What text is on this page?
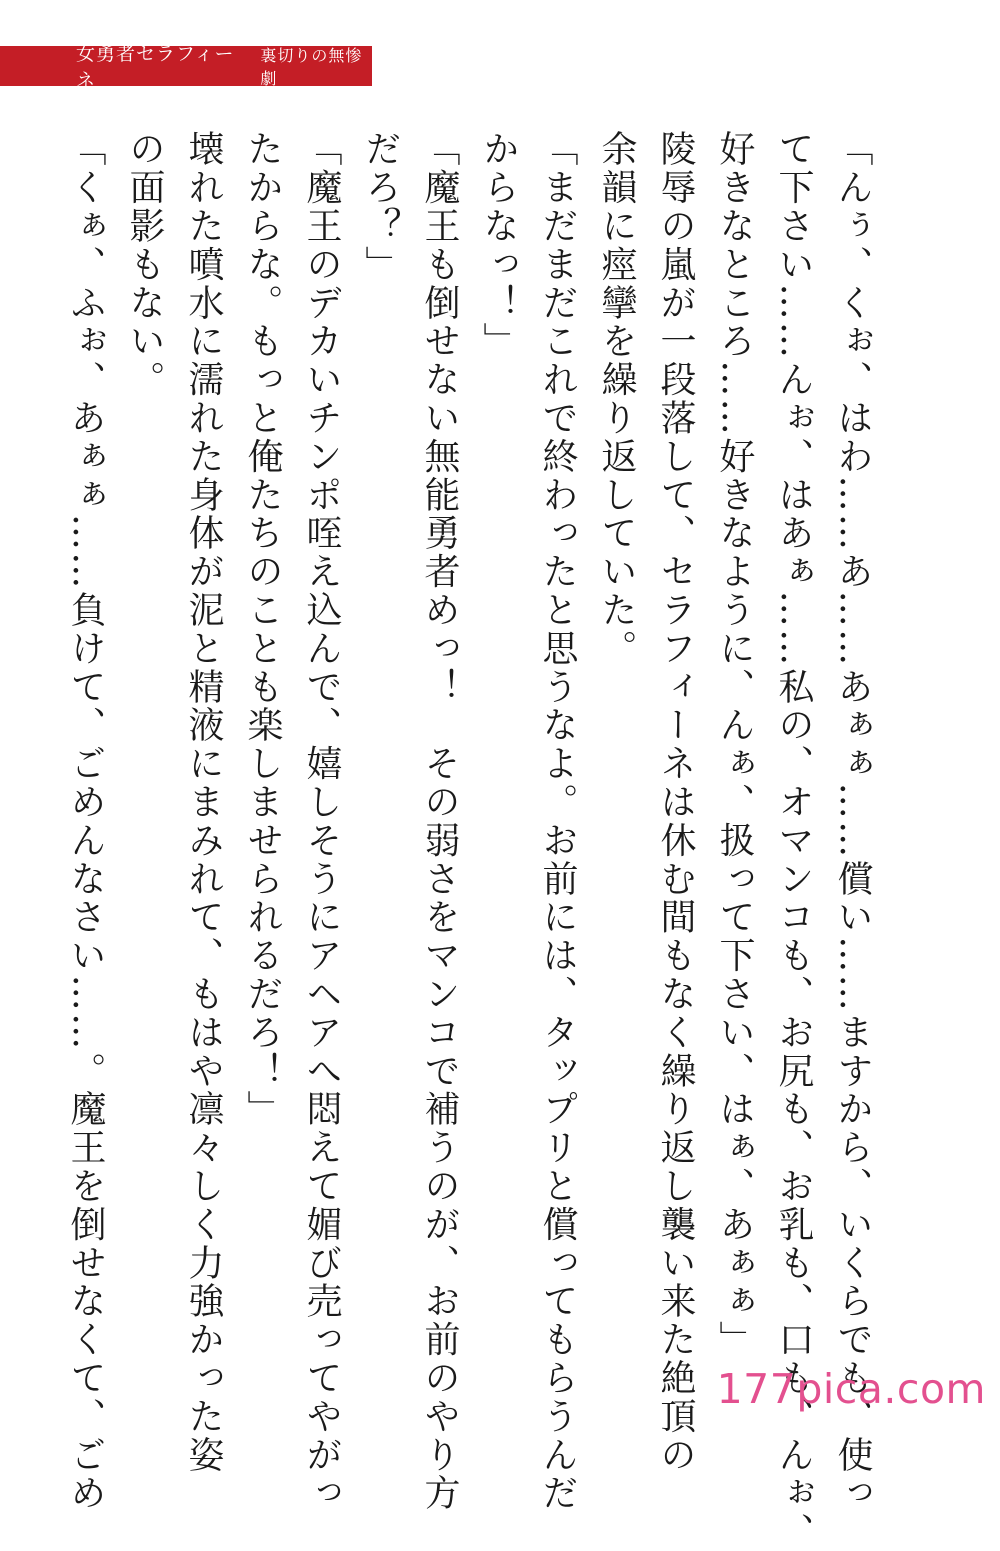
女勇者セラフィーネ
裏切りの無惨劇

「んぅ、くぉ、はわ……あ……あぁぁ……償い……ますから、いくらでも、使っ

て下さい……んぉ、はあぁ……私の、オマンコも、お尻も、お乳も、口も、んぉ、

好きなところ……好きなように、んぁ、扱って下さい、はぁ、あぁぁ」

陵辱の嵐が一段落して、セラフィーネは休む間もなく繰り返し襲い来た絶頂の

余韻に痙攣を繰り返していた。

「まだまだこれで終わったと思うなよ。お前には、タップリと償ってもらうんだ

からなっ！」

「魔王も倒せない無能勇者めっ！　その弱さをマンコで補うのが、お前のやり方

だろ？」

「魔王のデカいチンポ咥え込んで、嬉しそうにアヘアへ悶えて媚び売ってやがっ

たからな。もっと俺たちのことも楽しませられるだろ！」

壊れた噴水に濡れた身体が泥と精液にまみれて、もはや凛々しく力強かった姿

の面影もない。

「くぁ、ふぉ、あぁぁ……負けて、ごめんなさい……。魔王を倒せなくて、ごめ	177pica.com
